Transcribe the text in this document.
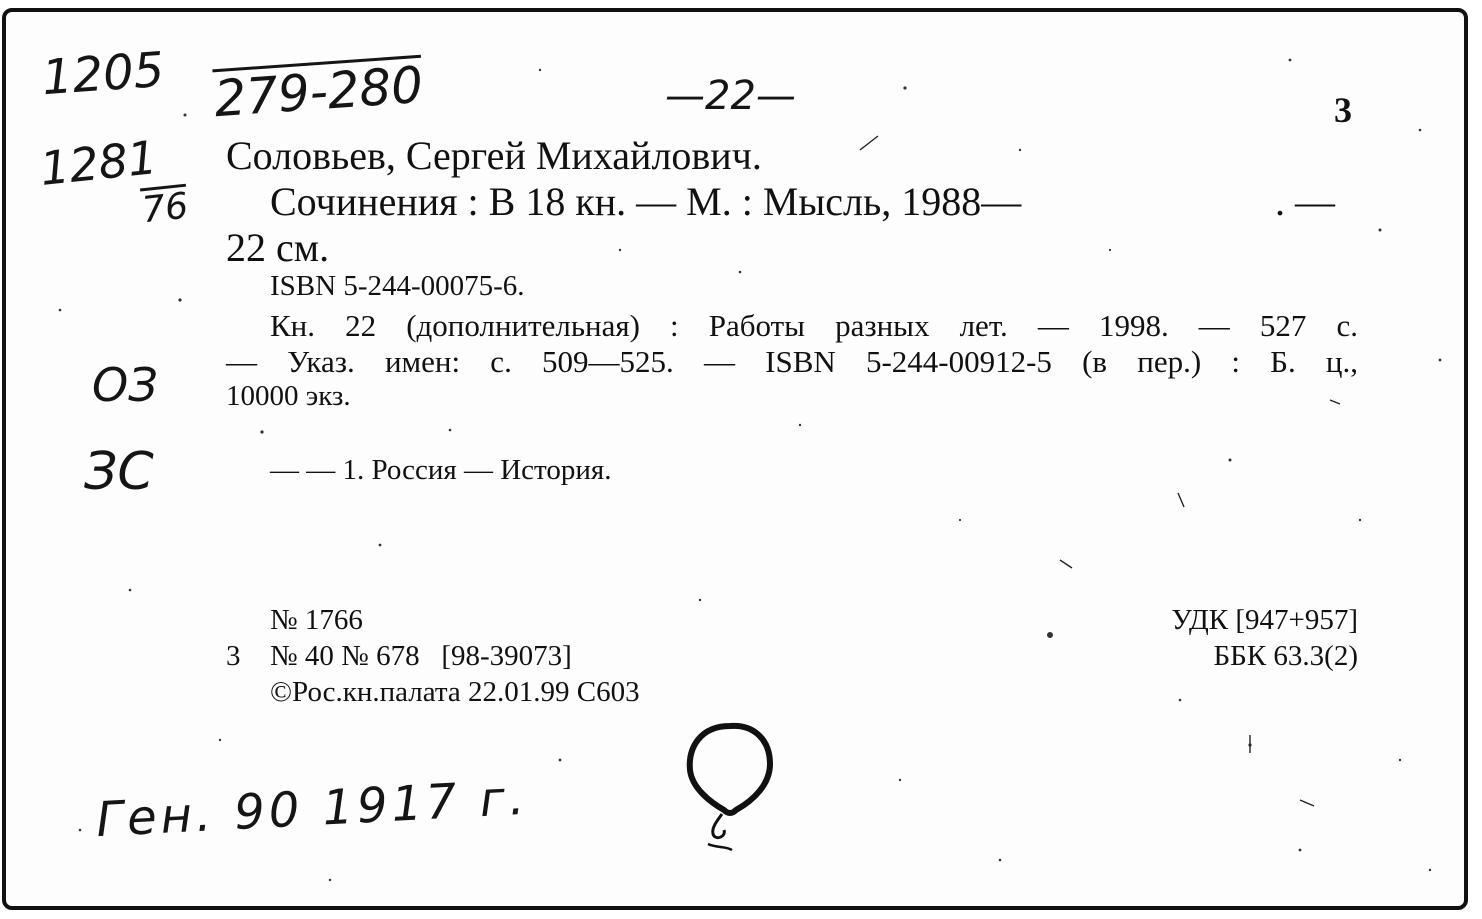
1205 279-280	—22—
1281
76
ОЗ
ЗС
Ген. 90 1917 г.
3
Соловьев, Сергей Михайлович.
Сочинения : В 18 кн. — М. : Мысль, 1988—	. —
22 см.
ISBN 5-244-00075-6.
Кн. 22 (дополнительная) : Работы разных лет. — 1998. — 527 с.
— Указ. имен: с. 509—525. — ISBN 5-244-00912-5 (в пер.) : Б. ц.,
10000 экз.
— — 1. Россия — История.
№ 1766
3 № 40 № 678   [98-39073]
©Рос.кн.палата 22.01.99 С603
УДК [947+957]
ББК 63.3(2)
